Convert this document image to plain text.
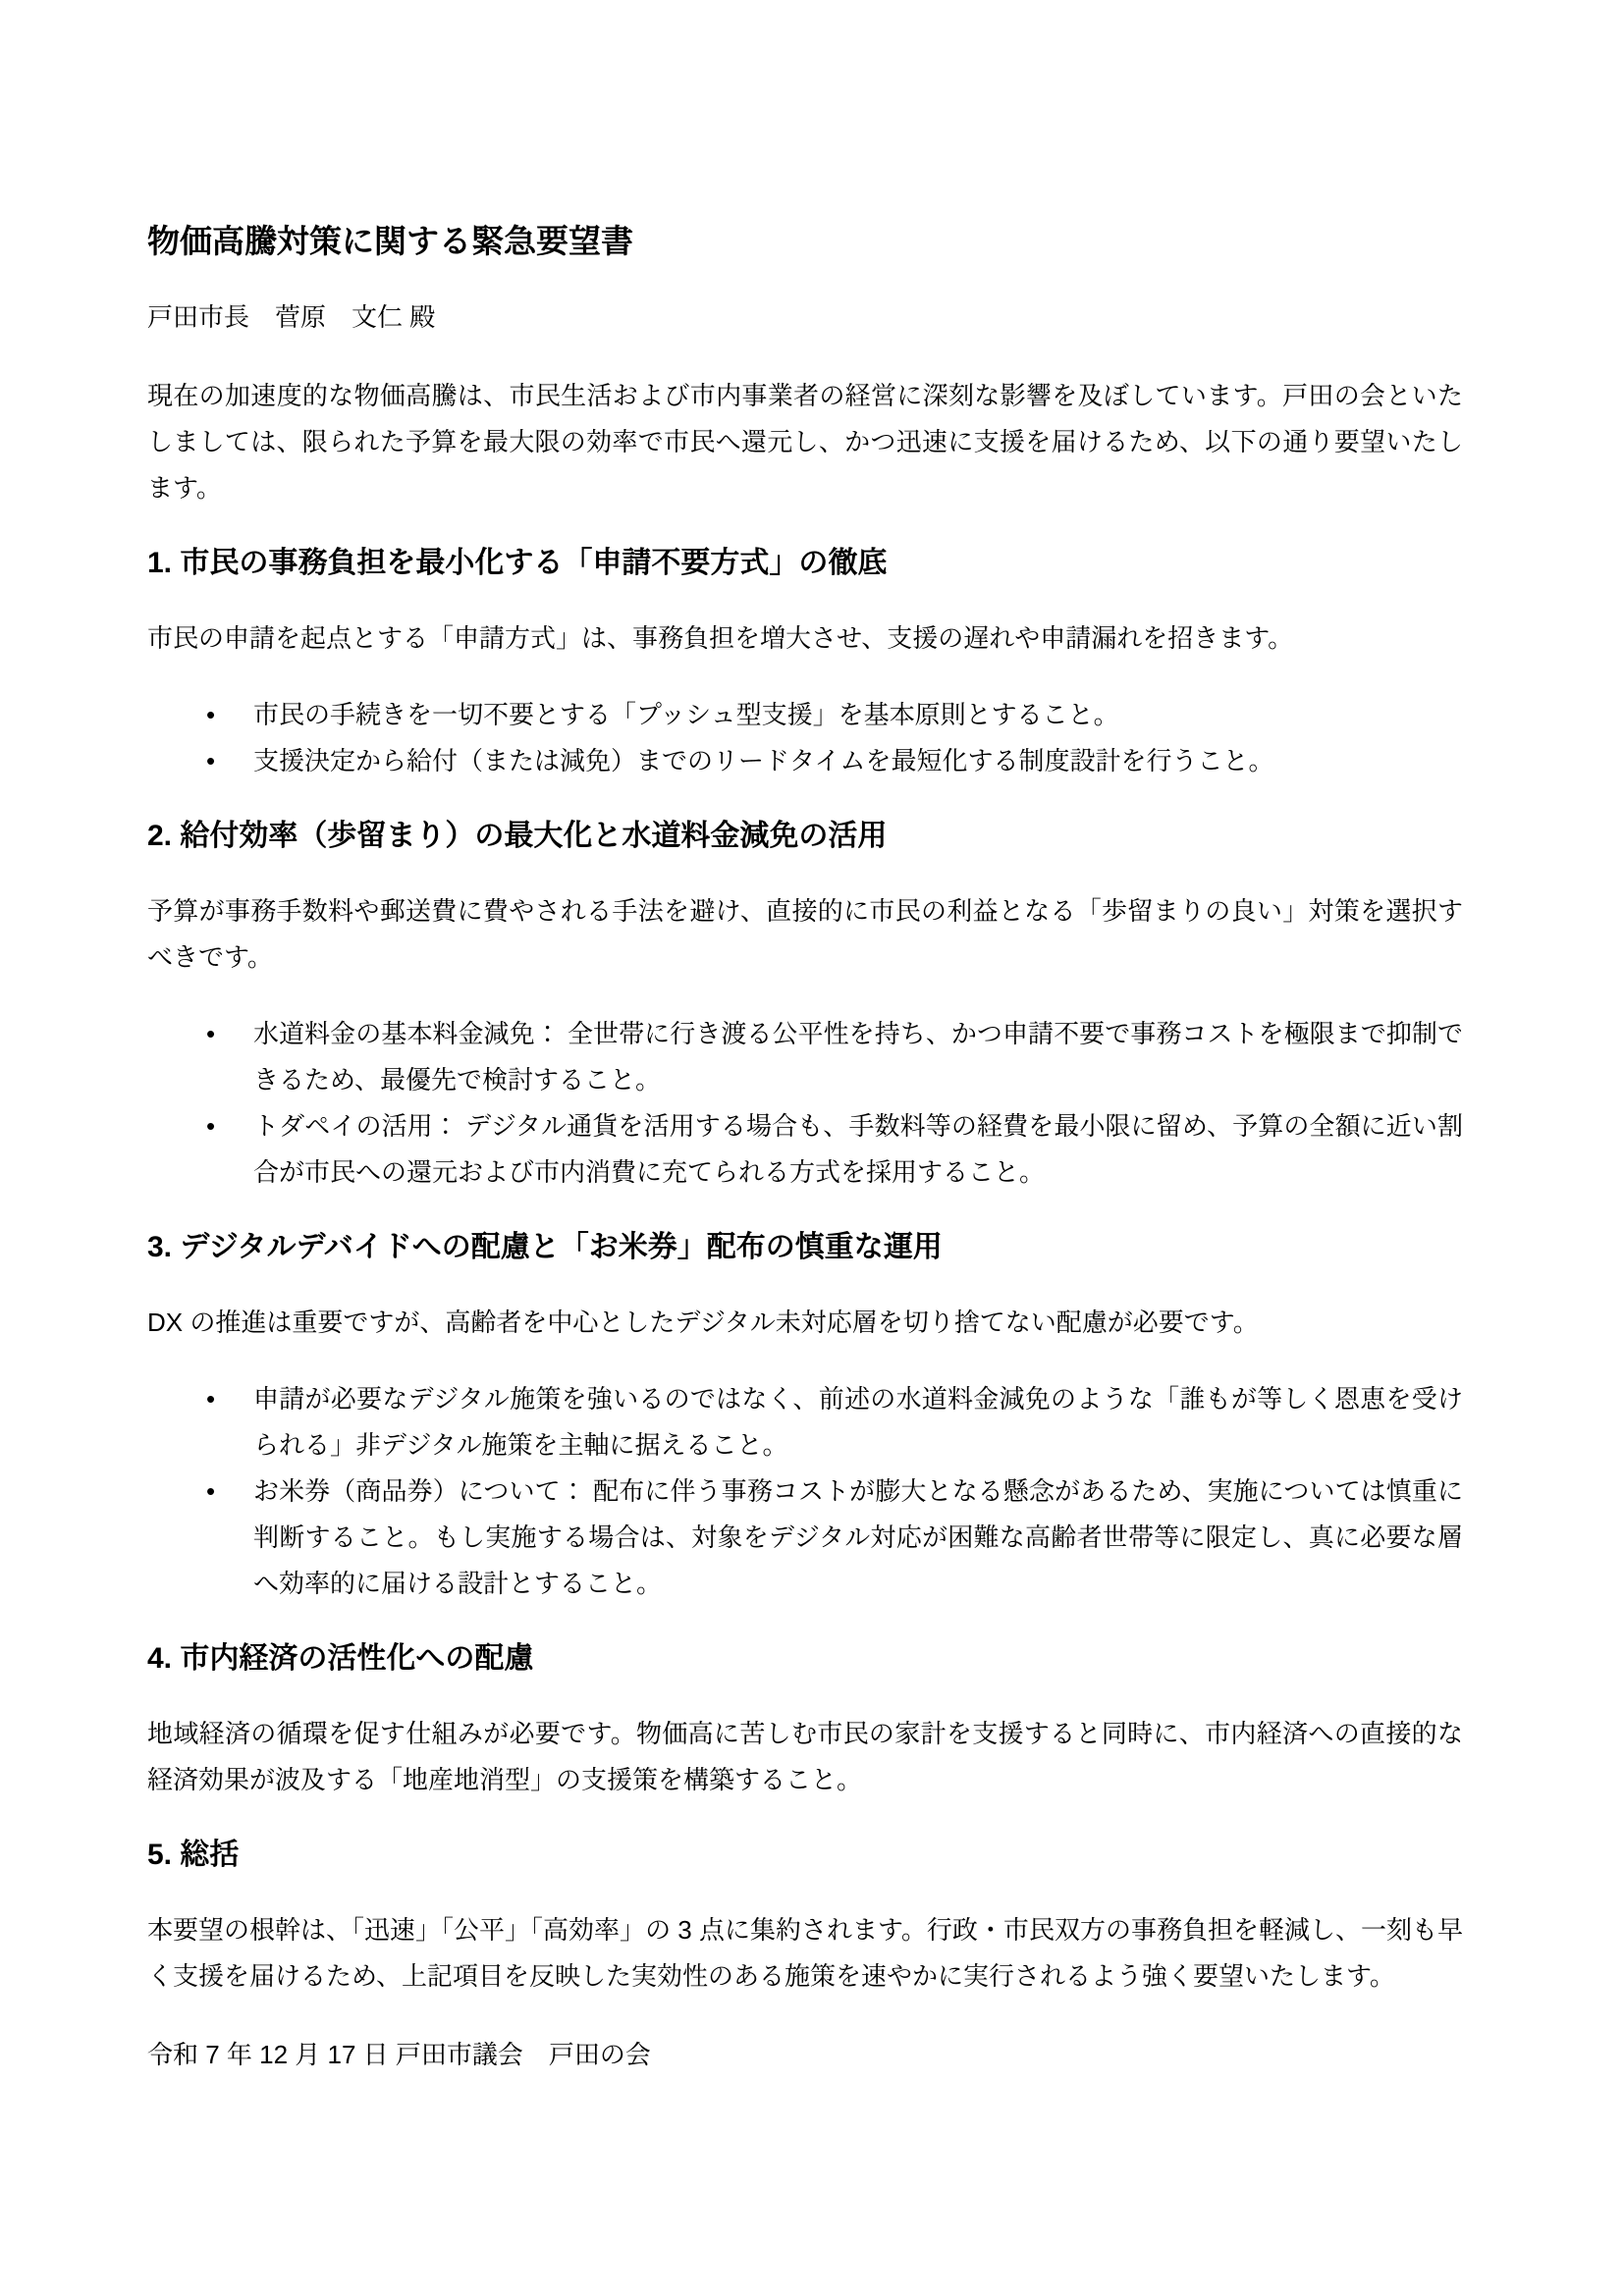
物価高騰対策に関する緊急要望書

戸田市長　菅原　文仁 殿

現在の加速度的な物価高騰は、市民生活および市内事業者の経営に深刻な影響を及ぼしています。戸田の会といたしましては、限られた予算を最大限の効率で市民へ還元し、かつ迅速に支援を届けるため、以下の通り要望いたします。

1. 市民の事務負担を最小化する「申請不要方式」の徹底

市民の申請を起点とする「申請方式」は、事務負担を増大させ、支援の遅れや申請漏れを招きます。

•	市民の手続きを一切不要とする「プッシュ型支援」を基本原則とすること。
•	支援決定から給付（または減免）までのリードタイムを最短化する制度設計を行うこと。
2. 給付効率（歩留まり）の最大化と水道料金減免の活用

予算が事務手数料や郵送費に費やされる手法を避け、直接的に市民の利益となる「歩留まりの良い」対策を選択すべきです。

•	水道料金の基本料金減免： 全世帯に行き渡る公平性を持ち、かつ申請不要で事務コストを極限まで抑制できるため、最優先で検討すること。
•	トダペイの活用： デジタル通貨を活用する場合も、手数料等の経費を最小限に留め、予算の全額に近い割合が市民への還元および市内消費に充てられる方式を採用すること。
3. デジタルデバイドへの配慮と「お米券」配布の慎重な運用

DX の推進は重要ですが、高齢者を中心としたデジタル未対応層を切り捨てない配慮が必要です。

•	申請が必要なデジタル施策を強いるのではなく、前述の水道料金減免のような「誰もが等しく恩恵を受けられる」非デジタル施策を主軸に据えること。
•	お米券（商品券）について： 配布に伴う事務コストが膨大となる懸念があるため、実施については慎重に判断すること。もし実施する場合は、対象をデジタル対応が困難な高齢者世帯等に限定し、真に必要な層へ効率的に届ける設計とすること。
4. 市内経済の活性化への配慮

地域経済の循環を促す仕組みが必要です。物価高に苦しむ市民の家計を支援すると同時に、市内経済への直接的な経済効果が波及する「地産地消型」の支援策を構築すること。

5. 総括

本要望の根幹は、「迅速」「公平」「高効率」の 3 点に集約されます。行政・市民双方の事務負担を軽減し、一刻も早く支援を届けるため、上記項目を反映した実効性のある施策を速やかに実行されるよう強く要望いたします。

令和 7 年 12 月 17 日 戸田市議会　戸田の会
